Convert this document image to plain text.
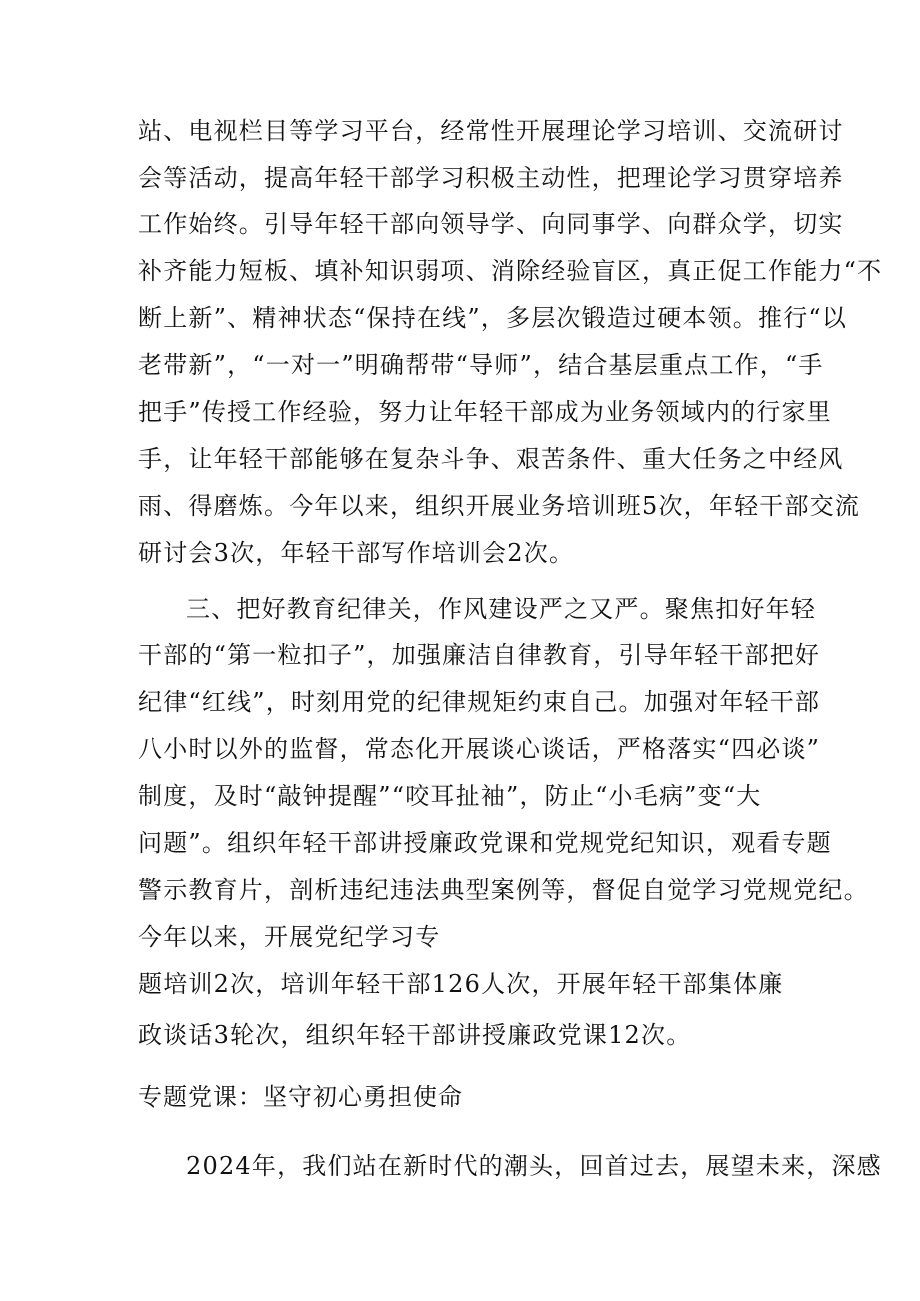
站、电视栏目等学习平台，经常性开展理论学习培训、交流研讨
会等活动，提高年轻干部学习积极主动性，把理论学习贯穿培养
工作始终。引导年轻干部向领导学、向同事学、向群众学，切实
补齐能力短板、填补知识弱项、消除经验盲区，真正促工作能力“不
断上新”、精神状态“保持在线”，多层次锻造过硬本领。推行“以
老带新”，“一对一”明确帮带“导师”，结合基层重点工作，“手
把手”传授工作经验，努力让年轻干部成为业务领域内的行家里
手，让年轻干部能够在复杂斗争、艰苦条件、重大任务之中经风
雨、得磨炼。今年以来，组织开展业务培训班5次，年轻干部交流
研讨会3次，年轻干部写作培训会2次。
三、把好教育纪律关，作风建设严之又严。聚焦扣好年轻
干部的“第一粒扣子”，加强廉洁自律教育，引导年轻干部把好
纪律“红线”，时刻用党的纪律规矩约束自己。加强对年轻干部
八小时以外的监督，常态化开展谈心谈话，严格落实“四必谈”
制度，及时“敲钟提醒”“咬耳扯袖”，防止“小毛病”变“大
问题”。组织年轻干部讲授廉政党课和党规党纪知识，观看专题
警示教育片，剖析违纪违法典型案例等，督促自觉学习党规党纪。
今年以来，开展党纪学习专
题培训2次，培训年轻干部126人次，开展年轻干部集体廉
政谈话3轮次，组织年轻干部讲授廉政党课12次。
专题党课：坚守初心勇担使命
2024年，我们站在新时代的潮头，回首过去，展望未来，深感
